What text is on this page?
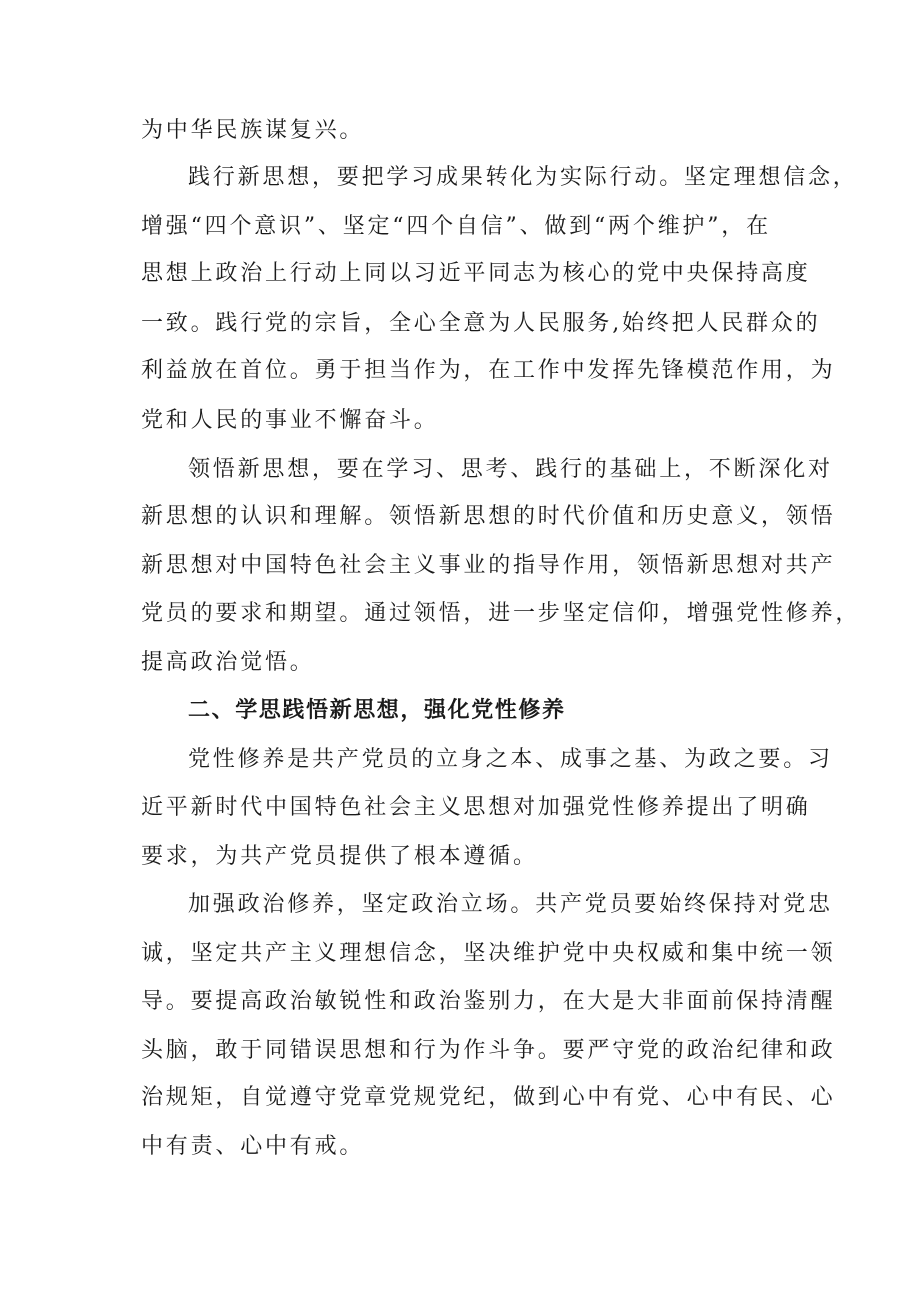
为中华民族谋复兴。
践行新思想，要把学习成果转化为实际行动。坚定理想信念，
增强“四个意识”、坚定“四个自信”、做到“两个维护”，在
思想上政治上行动上同以习近平同志为核心的党中央保持高度
一致。践行党的宗旨，全心全意为人民服务,始终把人民群众的
利益放在首位。勇于担当作为，在工作中发挥先锋模范作用，为
党和人民的事业不懈奋斗。
领悟新思想，要在学习、思考、践行的基础上，不断深化对
新思想的认识和理解。领悟新思想的时代价值和历史意义，领悟
新思想对中国特色社会主义事业的指导作用，领悟新思想对共产
党员的要求和期望。通过领悟，进一步坚定信仰，增强党性修养，
提高政治觉悟。
二、学思践悟新思想，强化党性修养
党性修养是共产党员的立身之本、成事之基、为政之要。习
近平新时代中国特色社会主义思想对加强党性修养提出了明确
要求，为共产党员提供了根本遵循。
加强政治修养，坚定政治立场。共产党员要始终保持对党忠
诚，坚定共产主义理想信念，坚决维护党中央权威和集中统一领
导。要提高政治敏锐性和政治鉴别力，在大是大非面前保持清醒
头脑，敢于同错误思想和行为作斗争。要严守党的政治纪律和政
治规矩，自觉遵守党章党规党纪，做到心中有党、心中有民、心
中有责、心中有戒。
